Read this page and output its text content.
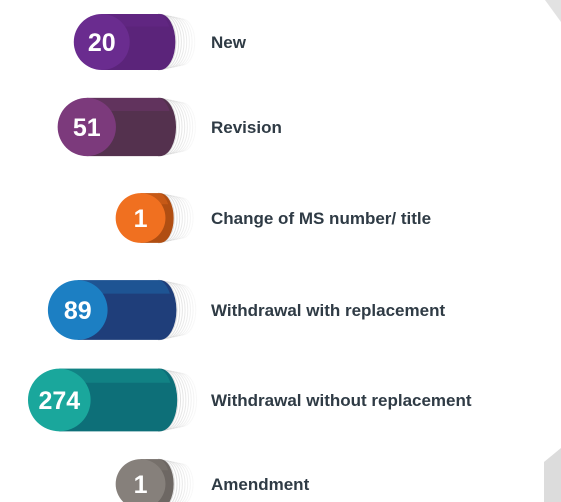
20
51
1
89
274
1
New
Revision
Change of MS number/ title
Withdrawal with replacement
Withdrawal without replacement
Amendment
